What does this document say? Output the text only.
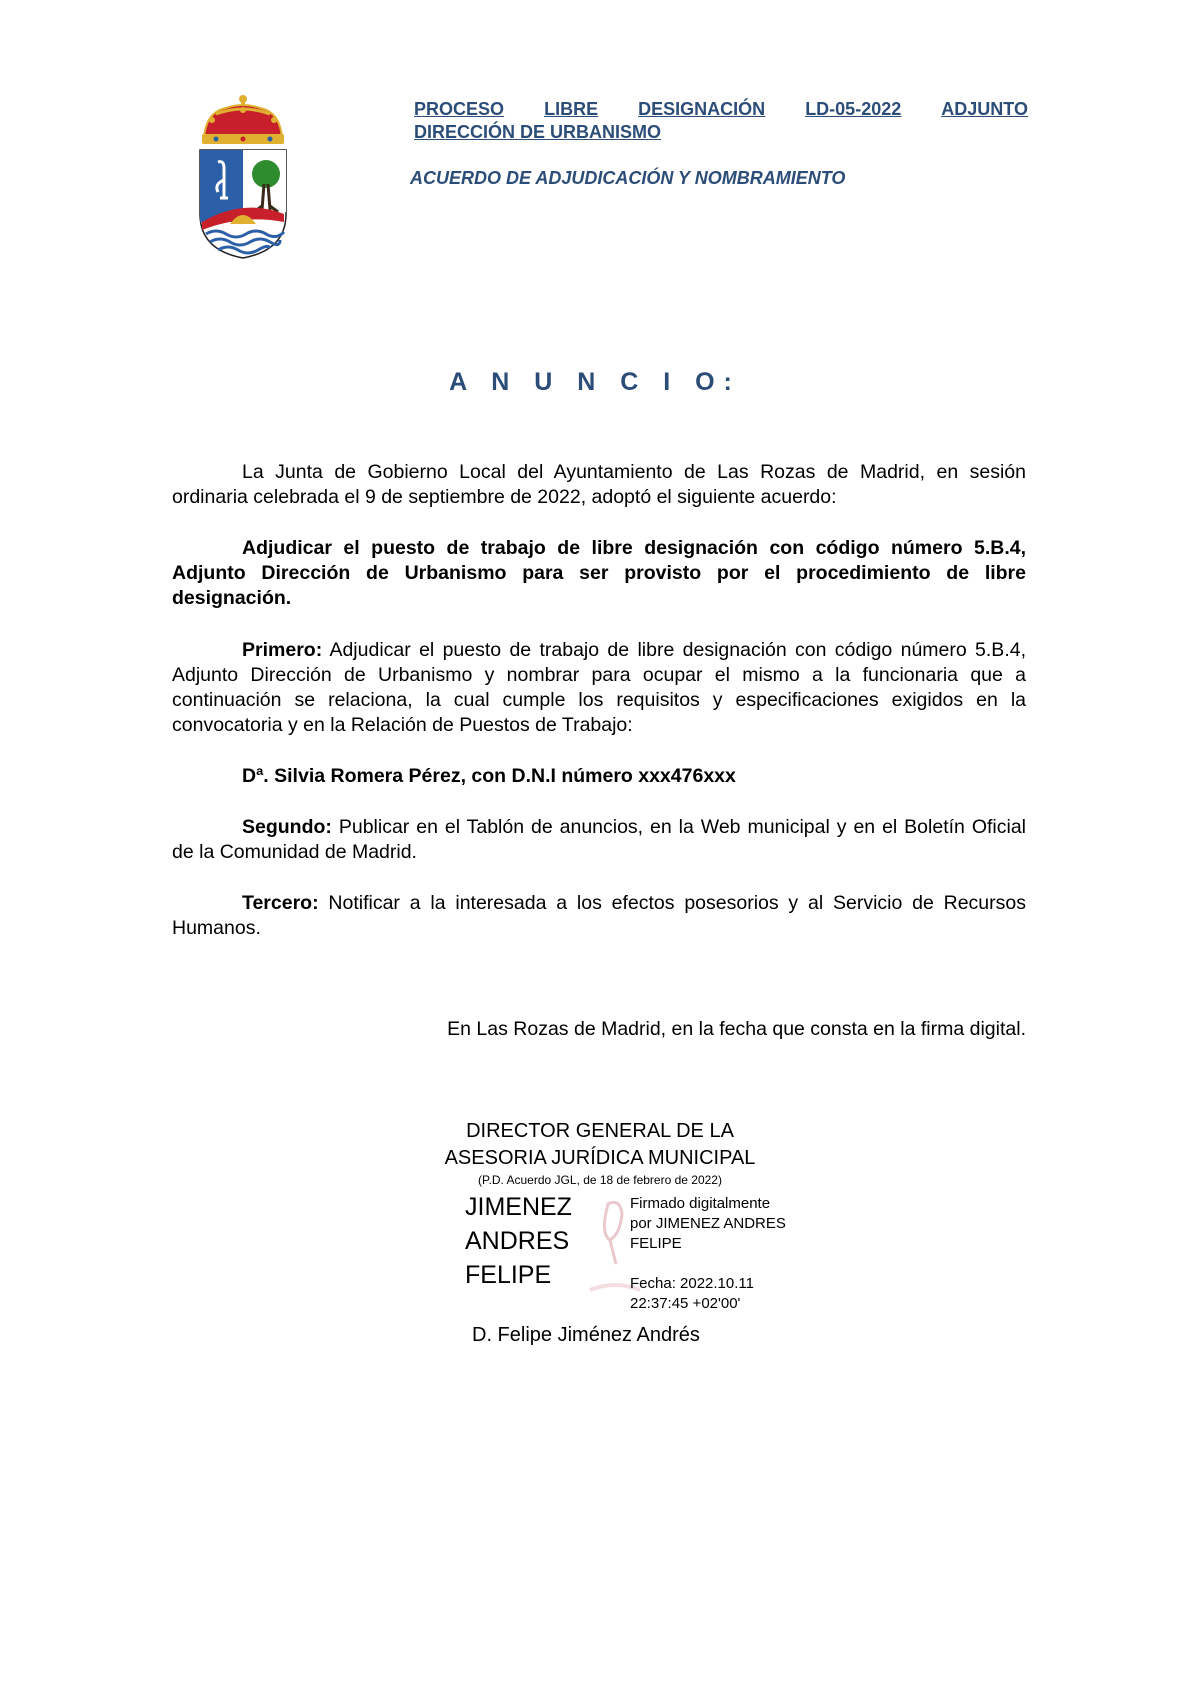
PROCESO LIBRE DESIGNACIÓN LD-05-2022 ADJUNTO
DIRECCIÓN DE URBANISMO
ACUERDO DE ADJUDICACIÓN Y NOMBRAMIENTO
A N U N C I O:

La Junta de Gobierno Local del Ayuntamiento de Las Rozas de Madrid, en sesión ordinaria celebrada el 9 de septiembre de 2022, adoptó el siguiente acuerdo:

Adjudicar el puesto de trabajo de libre designación con código número 5.B.4, Adjunto Dirección de Urbanismo para ser provisto por el procedimiento de libre designación.

Primero: Adjudicar el puesto de trabajo de libre designación con código número 5.B.4, Adjunto Dirección de Urbanismo y nombrar para ocupar el mismo a la funcionaria que a continuación se relaciona, la cual cumple los requisitos y especificaciones exigidos en la convocatoria y en la Relación de Puestos de Trabajo:

Dª. Silvia Romera Pérez, con D.N.I número xxx476xxx

Segundo: Publicar en el Tablón de anuncios, en la Web municipal y en el Boletín Oficial de la Comunidad de Madrid.

Tercero: Notificar a la interesada a los efectos posesorios y al Servicio de Recursos Humanos.

En Las Rozas de Madrid, en la fecha que consta en la firma digital.
DIRECTOR GENERAL DE LA
ASESORIA JURÍDICA MUNICIPAL
(P.D. Acuerdo JGL, de 18 de febrero de 2022)
JIMENEZ
ANDRES
FELIPE
Firmado digitalmente
por JIMENEZ ANDRES
FELIPE
Fecha: 2022.10.11
22:37:45 +02'00'
D. Felipe Jiménez Andrés
